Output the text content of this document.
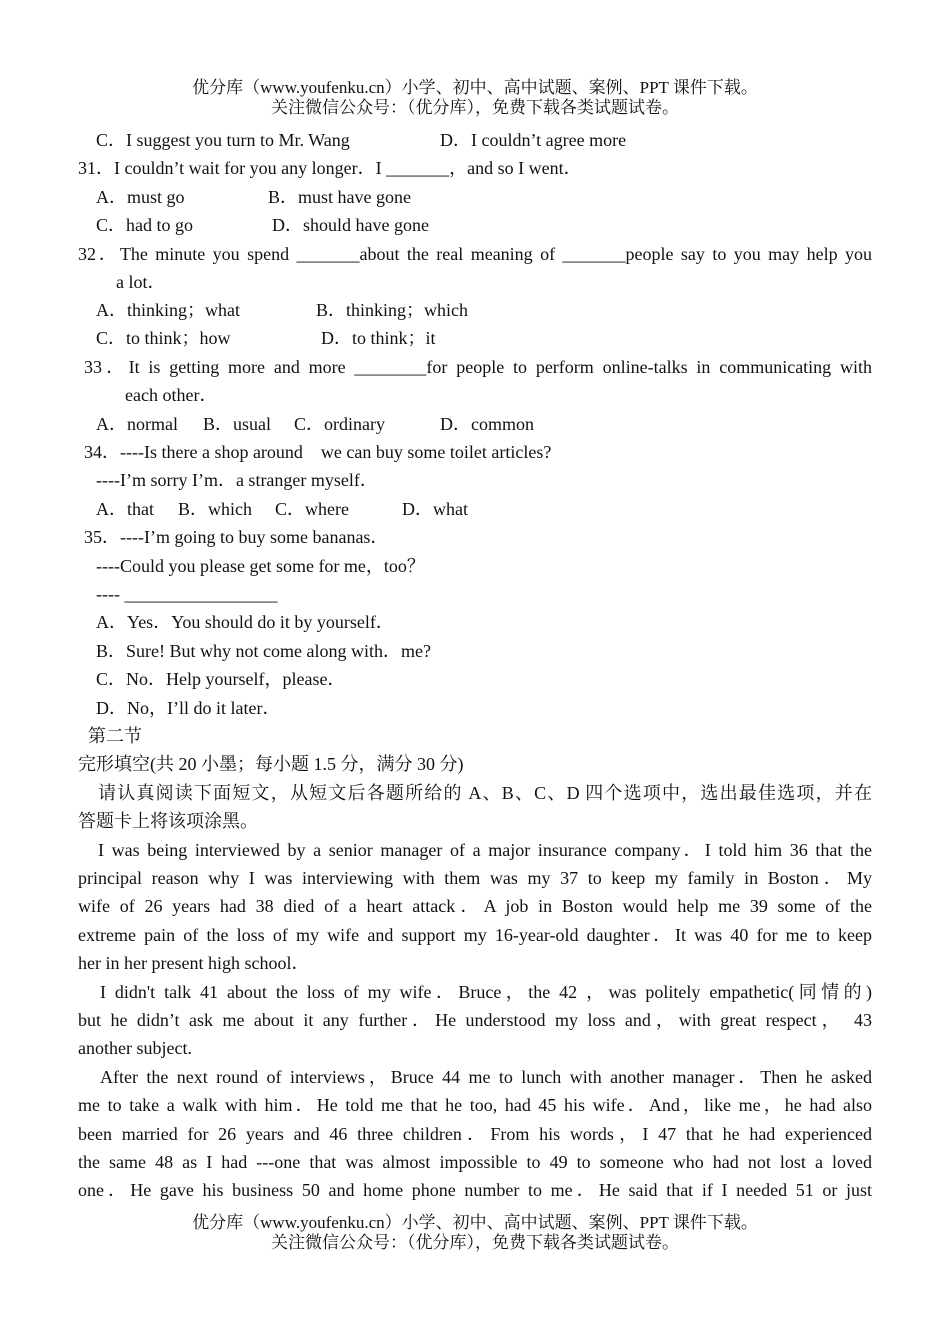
优分库（www.youfenku.cn）小学、初中、高中试题、案例、PPT 课件下载。
关注微信公众号：（优分库），免费下载各类试题试卷。
C．I suggest you turn to Mr. Wang	D．I couldn’t agree more
31．I couldn’t wait for you any longer．I _______，and so I went．
A．must go	B．must have gone
C．had to go	D．should have gone
32．The minute you spend _______about the real meaning of _______people say to you may help you
a lot．
A．thinking；what	B．thinking；which
C．to think；how	D．to think；it
33．It is getting more and more ________for people to perform online-talks in communicating with
each other．
A．normal B．usual C．ordinary	D．common
34．----Is there a shop around    we can buy some toilet articles?
----I’m sorry I’m．a stranger myself．
A．that B．which C．where	D．what
35．----I’m going to buy some bananas．
----Could you please get some for me，too？
---- _________________
A．Yes．You should do it by yourself．
B．Sure! But why not come along with．me?
C．No．Help yourself，please．
D．No，I’ll do it later．
第二节
完形填空(共 20 小墨；每小题 1.5 分，满分 30 分)
请认真阅读下面短文，从短文后各题所给的 A、B、C、D 四个选项中，选出最佳选项，并在
答题卡上将该项涂黑。
I was being interviewed by a senior manager of a major insurance company．I told him 36 that the
principal reason why I was interviewing with them was my 37 to keep my family in Boston．My
wife of 26 years had 38 died of a heart attack．A job in Boston would help me 39 some of the
extreme pain of the loss of my wife and support my 16-year-old daughter．It was 40 for me to keep
her in her present high school．
I didn't talk 41 about the loss of my wife．Bruce，the 42 ，was politely empathetic(同情的)
but he didn’t ask me about it any further．He understood my loss and，with great respect， 43
another subject.
After the next round of interviews，Bruce 44 me to lunch with another manager．Then he asked
me to take a walk with him．He told me that he too, had 45 his wife．And，like me，he had also
been married for 26 years and 46 three children．From his words，I 47 that he had experienced
the same 48 as I had ---one that was almost impossible to 49 to someone who had not lost a loved
one．He gave his business 50 and home phone number to me．He said that if I needed 51 or just
优分库（www.youfenku.cn）小学、初中、高中试题、案例、PPT 课件下载。
关注微信公众号：（优分库），免费下载各类试题试卷。
